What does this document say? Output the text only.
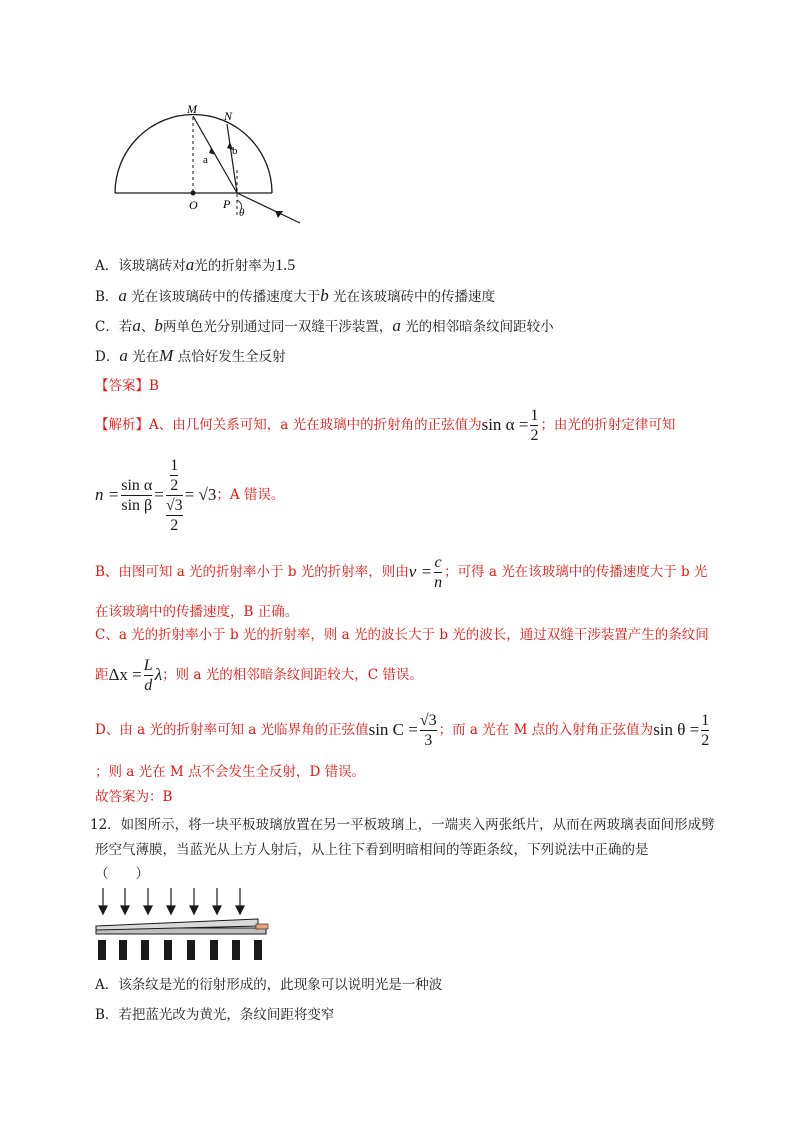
M N
a
b
O P
θ
A．该玻璃砖对a光的折射率为1.5
B．a 光在该玻璃砖中的传播速度大于b 光在该玻璃砖中的传播速度
C．若a、b两单色光分别通过同一双缝干涉装置，a 光的相邻暗条纹间距较小
D．a 光在M 点恰好发生全反射
【答案】B
【解析】 A、由几何关系可知，a 光在玻璃中的折射角的正弦值为 $\sin \alpha = \frac{1}{2}$ ；由光的折射定律可知
$n = \frac{\text{sin α}}{\text{sin β}} = \frac{\frac{1}{2}}{\frac{√3}{2}} = √3$ ；A 错误。
B、由图可知 a 光的折射率小于 b 光的折射率，则由 $v = \frac{c}{n}$ ；可得 a 光在该玻璃中的传播速度大于 b 光
在该玻璃中的传播速度，B 正确。
C、a 光的折射率小于 b 光的折射率，则 a 光的波长大于 b 光的波长，通过双缝干涉装置产生的条纹间
距 $\Delta x = \frac{L}{d}$ λ ；则 a 光的相邻暗条纹间距较大，C 错误。
D、由 a 光的折射率可知 a 光临界角的正弦值 $\sin C = \frac{√3}{3}$ ；而 a 光在 M 点的入射角正弦值为 $\sin \theta = \frac{1}{2}$
；则 a 光在 M 点不会发生全反射，D 错误。
故答案为：B
12．如图所示，将一块平板玻璃放置在另一平板玻璃上，一端夹入两张纸片，从而在两玻璃表面间形成劈
形空气薄膜，当蓝光从上方人射后，从上往下看到明暗相间的等距条纹，下列说法中正确的是
（　　）
A．该条纹是光的衍射形成的，此现象可以说明光是一种波
B．若把蓝光改为黄光，条纹间距将变窄
